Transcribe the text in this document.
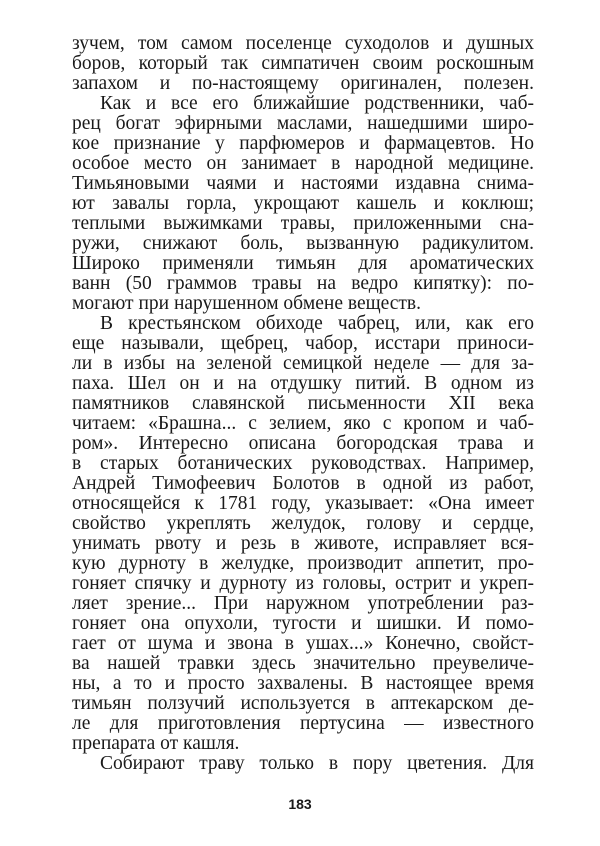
зучем, том самом поселенце суходолов и душных
боров, который так симпатичен своим роскошным
запахом и по-настоящему оригинален, полезен.
Как и все его ближайшие родственники, чаб-
рец богат эфирными маслами, нашедшими широ-
кое признание у парфюмеров и фармацевтов. Но
особое место он занимает в народной медицине.
Тимьяновыми чаями и настоями издавна снима-
ют завалы горла, укрощают кашель и коклюш;
теплыми выжимками травы, приложенными сна-
ружи, снижают боль, вызванную радикулитом.
Широко применяли тимьян для ароматических
ванн (50 граммов травы на ведро кипятку): по-
могают при нарушенном обмене веществ.
В крестьянском обиходе чабрец, или, как его
еще называли, щебрец, чабор, исстари приноси-
ли в избы на зеленой семицкой неделе — для за-
паха. Шел он и на отдушку питий. В одном из
памятников славянской письменности XII века
читаем: «Брашна... с зелием, яко с кропом и чаб-
ром». Интересно описана богородская трава и
в старых ботанических руководствах. Например,
Андрей Тимофеевич Болотов в одной из работ,
относящейся к 1781 году, указывает: «Она имеет
свойство укреплять желудок, голову и сердце,
унимать рвоту и резь в животе, исправляет вся-
кую дурноту в желудке, производит аппетит, про-
гоняет спячку и дурноту из головы, острит и укреп-
ляет зрение... При наружном употреблении раз-
гоняет она опухоли, тугости и шишки. И помо-
гает от шума и звона в ушах...» Конечно, свойст-
ва нашей травки здесь значительно преувеличе-
ны, а то и просто захвалены. В настоящее время
тимьян ползучий используется в аптекарском де-
ле для приготовления пертусина — известного
препарата от кашля.
Собирают траву только в пору цветения. Для
183
